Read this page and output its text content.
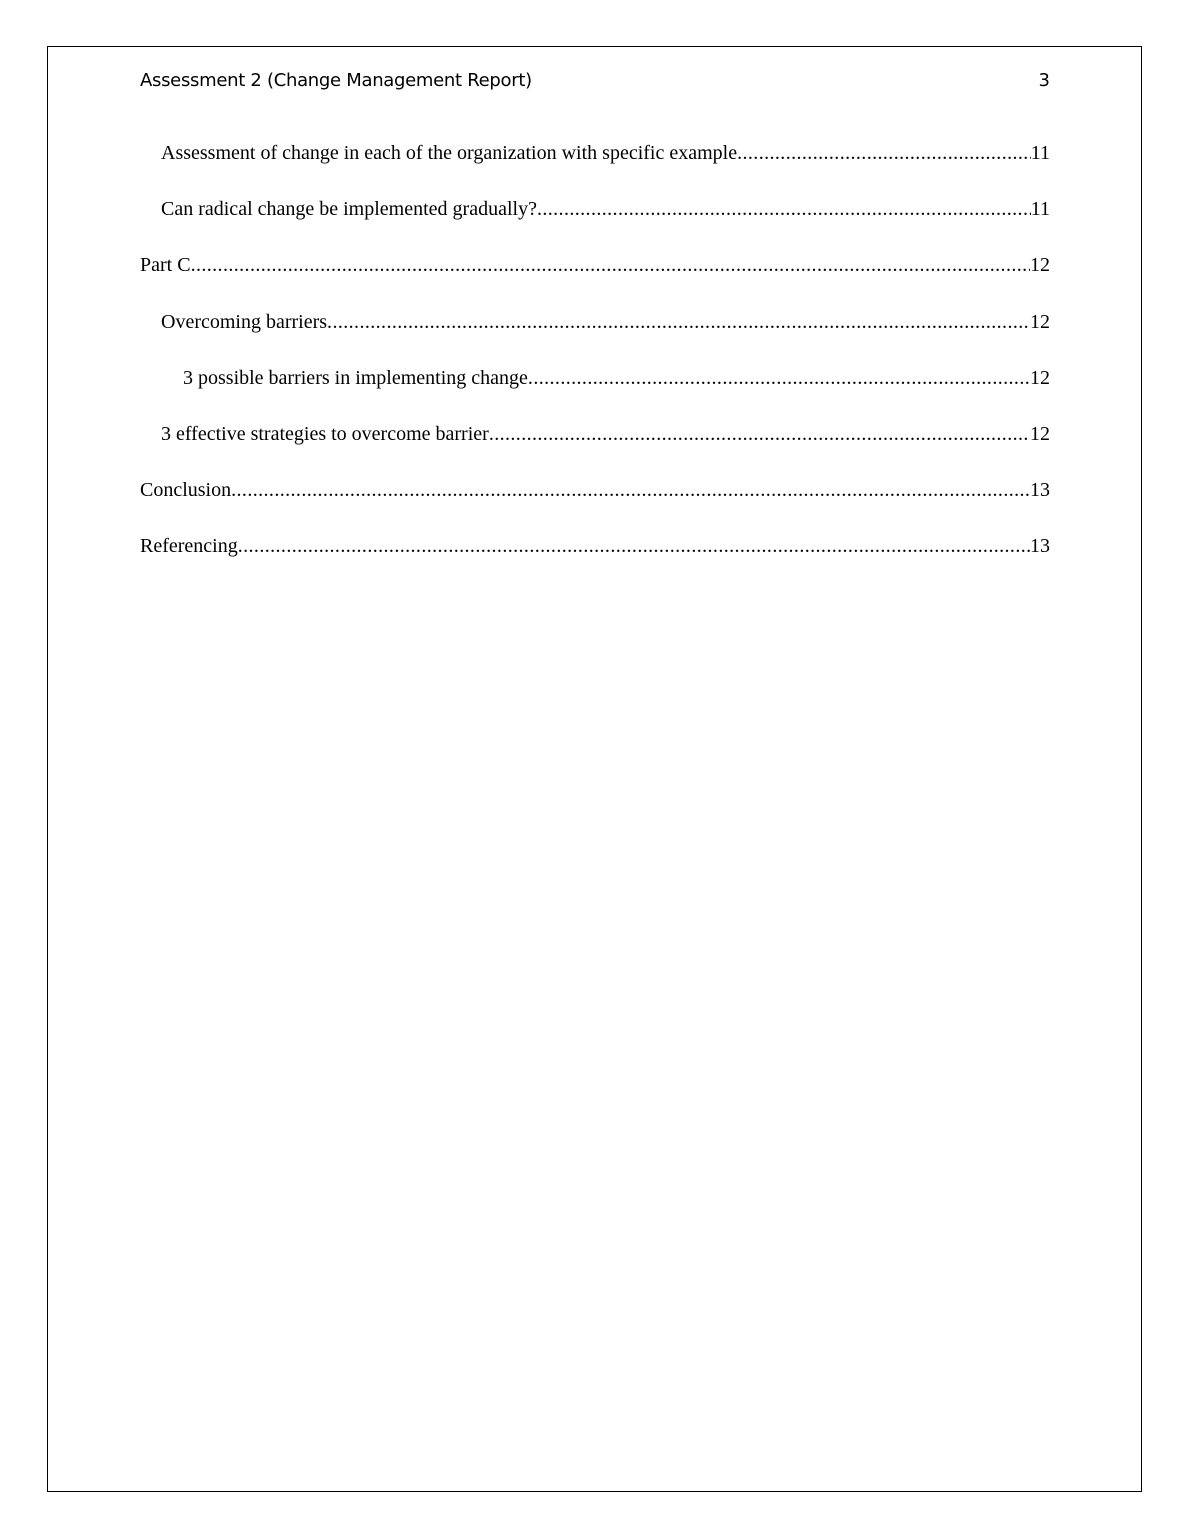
Assessment 2 (Change Management Report)	3
Assessment of change in each of the organization with specific example .....	11
Can radical change be implemented gradually? .....	11
Part C .....	12
Overcoming barriers .....	12
3 possible barriers in implementing change .....	12
3 effective strategies to overcome barrier .....	12
Conclusion .....	13
Referencing .....	13
